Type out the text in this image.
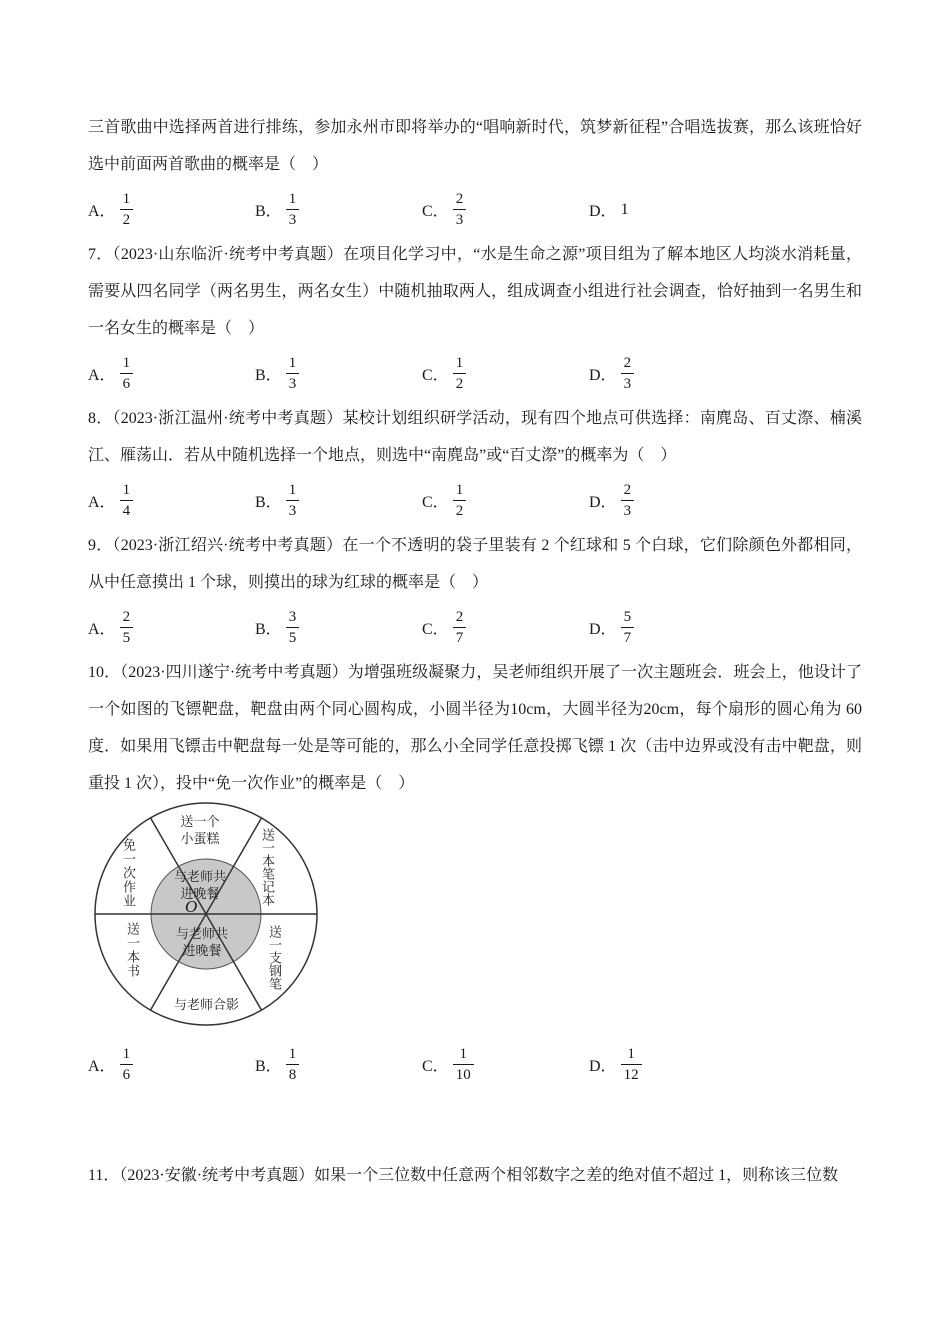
三首歌曲中选择两首进行排练，参加永州市即将举办的“唱响新时代，筑梦新征程”合唱选拔赛，那么该班恰好选中前面两首歌曲的概率是（　）

A． $\frac{1}{2}$	B． $\frac{1}{3}$	C． $\frac{2}{3}$	D． 1

7．（2023·山东临沂·统考中考真题）在项目化学习中，“水是生命之源”项目组为了解本地区人均淡水消耗量，需要从四名同学（两名男生，两名女生）中随机抽取两人，组成调查小组进行社会调查，恰好抽到一名男生和一名女生的概率是（　）

A． $\frac{1}{6}$	B． $\frac{1}{3}$	C． $\frac{1}{2}$	D． $\frac{2}{3}$

8．（2023·浙江温州·统考中考真题）某校计划组织研学活动，现有四个地点可供选择：南麂岛、百丈漈、楠溪江、雁荡山．若从中随机选择一个地点，则选中“南麂岛”或“百丈漈”的概率为（　）

A． $\frac{1}{4}$	B． $\frac{1}{3}$	C． $\frac{1}{2}$	D． $\frac{2}{3}$

9．（2023·浙江绍兴·统考中考真题）在一个不透明的袋子里装有 2 个红球和 5 个白球，它们除颜色外都相同，从中任意摸出 1 个球，则摸出的球为红球的概率是（　）

A． $\frac{2}{5}$	B． $\frac{3}{5}$	C． $\frac{2}{7}$	D． $\frac{5}{7}$

10．（2023·四川遂宁·统考中考真题）为增强班级凝聚力，吴老师组织开展了一次主题班会．班会上，他设计了一个如图的飞镖靶盘，靶盘由两个同心圆构成，小圆半径为10cm，大圆半径为20cm，每个扇形的圆心角为 60 度．如果用飞镖击中靶盘每一处是等可能的，那么小全同学任意投掷飞镖 1 次（击中边界或没有击中靶盘，则重投 1 次），投中“免一次作业”的概率是（　）

送一个小蛋糕
免一次作业	送一本笔记本
送一本书	送一支钢笔
与老师合影
与老师共进晚餐
O
与老师共进晚餐
A． $\frac{1}{6}$	B． $\frac{1}{8}$	C． $\frac{1}{10}$	D． $\frac{1}{12}$

11．（2023·安徽·统考中考真题）如果一个三位数中任意两个相邻数字之差的绝对值不超过 1，则称该三位数
